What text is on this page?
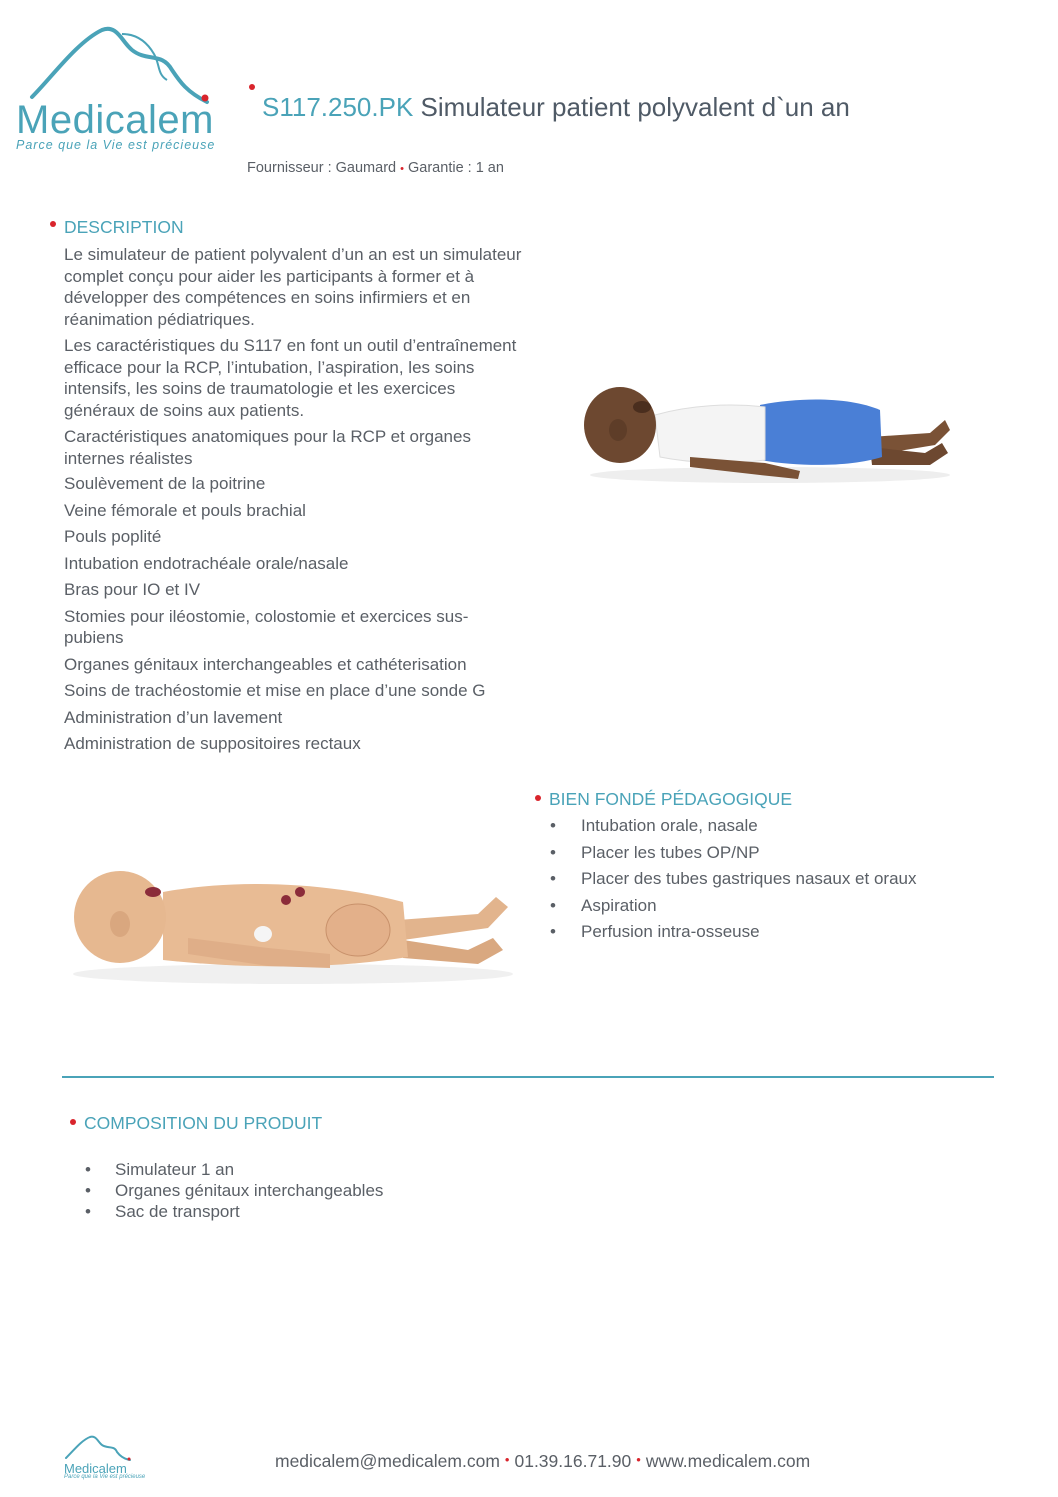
Medicalem
Parce que la Vie est précieuse
S117.250.PK Simulateur patient polyvalent d`un an
Fournisseur : Gaumard • Garantie : 1 an
DESCRIPTION

Le simulateur de patient polyvalent d’un an est un simulateur complet conçu pour aider les participants à former et à développer des compétences en soins infirmiers et en réanimation pédiatriques.

Les caractéristiques du S117 en font un outil d’entraînement efficace pour la RCP, l’intubation, l’aspiration, les soins intensifs, les soins de traumatologie et les exercices généraux de soins aux patients.

Caractéristiques anatomiques pour la RCP et organes internes réalistes

Soulèvement de la poitrine
Veine fémorale et pouls brachial
Pouls poplité
Intubation endotrachéale orale/nasale
Bras pour IO et IV
Stomies pour iléostomie, colostomie et exercices sus-pubiens
Organes génitaux interchangeables et cathéterisation
Soins de trachéostomie et mise en place d’une sonde G
Administration d’un lavement
Administration de suppositoires rectaux
BIEN FONDÉ PÉDAGOGIQUE
• Intubation orale, nasale
• Placer les tubes OP/NP
• Placer des tubes gastriques nasaux et oraux
• Aspiration
• Perfusion intra-osseuse
COMPOSITION DU PRODUIT
• Simulateur 1 an
• Organes génitaux interchangeables
• Sac de transport
Medicalem
Parce que la Vie est précieuse
medicalem@medicalem.com • 01.39.16.71.90 • www.medicalem.com
